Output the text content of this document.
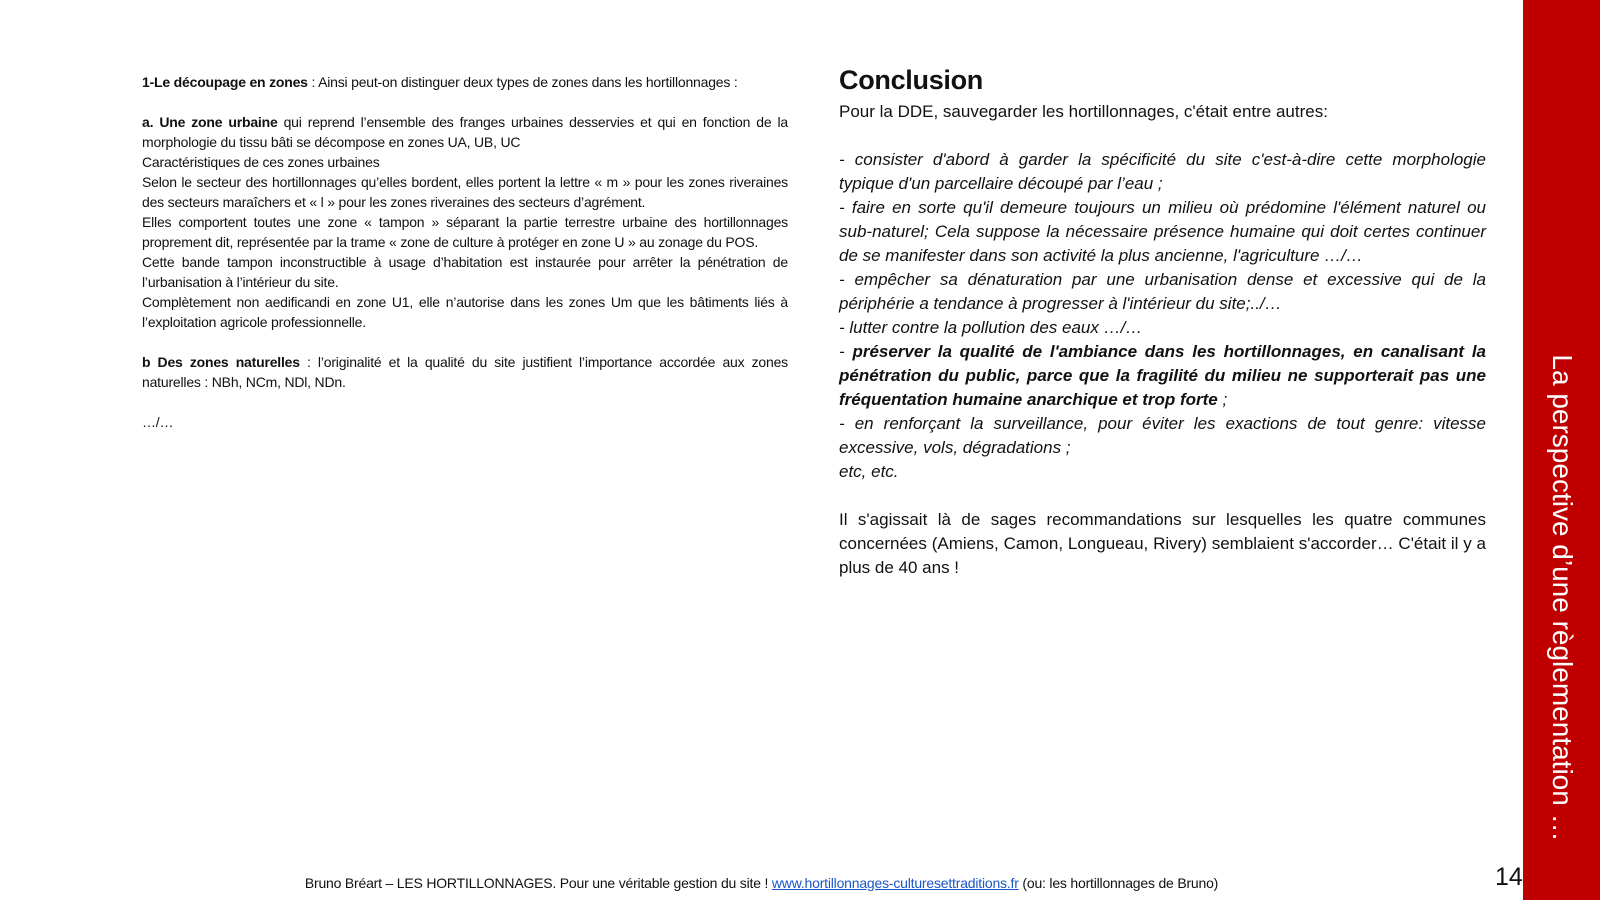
1-Le découpage en zones : Ainsi peut-on distinguer deux types de zones dans les hortillonnages :

a. Une zone urbaine qui reprend l’ensemble des franges urbaines desservies et qui en fonction de la morphologie du tissu bâti se décompose en zones UA, UB, UC

Caractéristiques de ces zones urbaines

Selon le secteur des hortillonnages qu’elles bordent, elles portent la lettre « m » pour les zones riveraines des secteurs maraîchers et « l » pour les zones riveraines des secteurs d’agrément.

Elles comportent toutes une zone « tampon » séparant la partie terrestre urbaine des hortillonnages proprement dit, représentée par la trame « zone de culture à protéger en zone U » au zonage du POS.

Cette bande tampon inconstructible à usage d’habitation est instaurée pour arrêter la pénétration de l’urbanisation à l’intérieur du site.

Complètement non aedificandi en zone U1, elle n’autorise dans les zones Um que les bâtiments liés à l’exploitation agricole professionnelle.

b Des zones naturelles : l’originalité et la qualité du site justifient l’importance accordée aux zones naturelles : NBh, NCm, NDl, NDn.

…/…

Conclusion

Pour la DDE, sauvegarder les hortillonnages, c'était entre autres:

- consister d'abord à garder la spécificité du site c'est-à-dire cette morphologie typique d'un parcellaire découpé par l’eau ;

- faire en sorte qu'il demeure toujours un milieu où prédomine l'élément naturel ou sub-naturel; Cela suppose la nécessaire présence humaine qui doit certes continuer de se manifester dans son activité la plus ancienne, l'agriculture …/…

- empêcher sa dénaturation par une urbanisation dense et excessive qui de la périphérie a tendance à progresser à l'intérieur du site;../…

- lutter contre la pollution des eaux …/…

- préserver la qualité de l'ambiance dans les hortillonnages, en canalisant la pénétration du public, parce que la fragilité du milieu ne supporterait pas une fréquentation humaine anarchique et trop forte ;

- en renforçant la surveillance, pour éviter les exactions de tout genre: vitesse excessive, vols, dégradations ;

etc, etc.

Il s'agissait là de sages recommandations sur lesquelles les quatre communes concernées (Amiens, Camon, Longueau, Rivery) semblaient s'accorder… C'était il y a plus de 40 ans !

Bruno Bréart – LES HORTILLONNAGES. Pour une véritable gestion du site ! www.hortillonnages-culturesettraditions.fr (ou: les hortillonnages de Bruno)	14
La perspective d’une règlementation …
